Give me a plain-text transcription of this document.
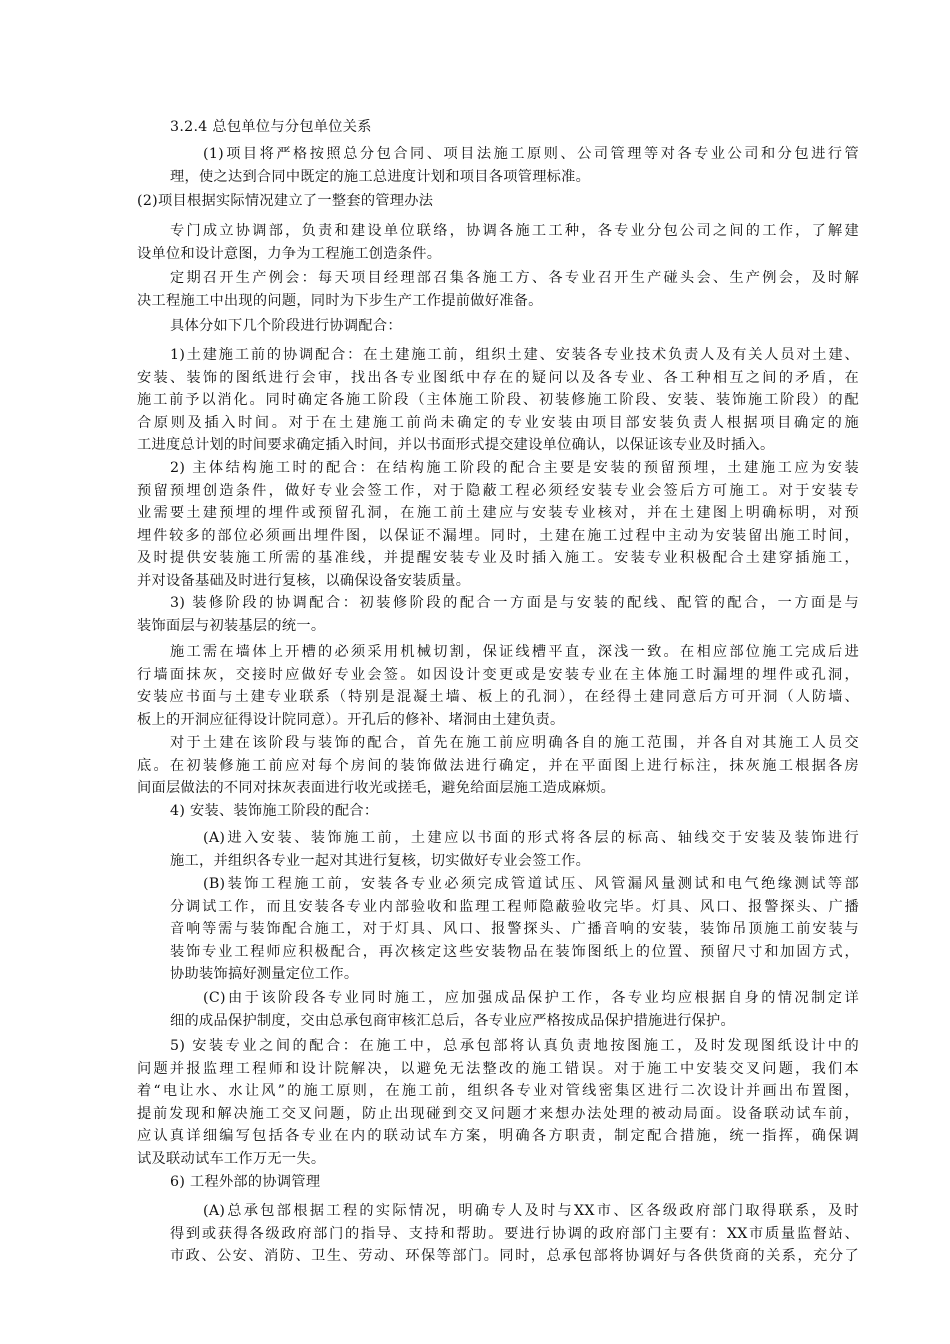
3.2.4 总包单位与分包单位关系
(1)项目将严格按照总分包合同、项目法施工原则、公司管理等对各专业公司和分包进行管
理，使之达到合同中既定的施工总进度计划和项目各项管理标准。
(2)项目根据实际情况建立了一整套的管理办法
专门成立协调部，负责和建设单位联络，协调各施工工种，各专业分包公司之间的工作，了解建
设单位和设计意图，力争为工程施工创造条件。
定期召开生产例会：每天项目经理部召集各施工方、各专业召开生产碰头会、生产例会，及时解
决工程施工中出现的问题，同时为下步生产工作提前做好准备。
具体分如下几个阶段进行协调配合：
1)土建施工前的协调配合：在土建施工前，组织土建、安装各专业技术负责人及有关人员对土建、
安装、装饰的图纸进行会审，找出各专业图纸中存在的疑问以及各专业、各工种相互之间的矛盾，在
施工前予以消化。同时确定各施工阶段（主体施工阶段、初装修施工阶段、安装、装饰施工阶段）的配
合原则及插入时间。对于在土建施工前尚未确定的专业安装由项目部安装负责人根据项目确定的施
工进度总计划的时间要求确定插入时间，并以书面形式提交建设单位确认，以保证该专业及时插入。
2) 主体结构施工时的配合：在结构施工阶段的配合主要是安装的预留预埋，土建施工应为安装
预留预埋创造条件，做好专业会签工作，对于隐蔽工程必须经安装专业会签后方可施工。对于安装专
业需要土建预埋的埋件或预留孔洞，在施工前土建应与安装专业核对，并在土建图上明确标明，对预
埋件较多的部位必须画出埋件图，以保证不漏埋。同时，土建在施工过程中主动为安装留出施工时间，
及时提供安装施工所需的基准线，并提醒安装专业及时插入施工。安装专业积极配合土建穿插施工，
并对设备基础及时进行复核，以确保设备安装质量。
3) 装修阶段的协调配合：初装修阶段的配合一方面是与安装的配线、配管的配合，一方面是与
装饰面层与初装基层的统一。
施工需在墙体上开槽的必须采用机械切割，保证线槽平直，深浅一致。在相应部位施工完成后进
行墙面抹灰，交接时应做好专业会签。如因设计变更或是安装专业在主体施工时漏埋的埋件或孔洞，
安装应书面与土建专业联系（特别是混凝土墙、板上的孔洞），在经得土建同意后方可开洞（人防墙、
板上的开洞应征得设计院同意）。开孔后的修补、堵洞由土建负责。
对于土建在该阶段与装饰的配合，首先在施工前应明确各自的施工范围，并各自对其施工人员交
底。在初装修施工前应对每个房间的装饰做法进行确定，并在平面图上进行标注，抹灰施工根据各房
间面层做法的不同对抹灰表面进行收光或搓毛，避免给面层施工造成麻烦。
4) 安装、装饰施工阶段的配合：
(A)进入安装、装饰施工前，土建应以书面的形式将各层的标高、轴线交于安装及装饰进行
施工，并组织各专业一起对其进行复核，切实做好专业会签工作。
(B)装饰工程施工前，安装各专业必须完成管道试压、风管漏风量测试和电气绝缘测试等部
分调试工作，而且安装各专业内部验收和监理工程师隐蔽验收完毕。灯具、风口、报警探头、广播
音响等需与装饰配合施工，对于灯具、风口、报警探头、广播音响的安装，装饰吊顶施工前安装与
装饰专业工程师应积极配合，再次核定这些安装物品在装饰图纸上的位置、预留尺寸和加固方式，
协助装饰搞好测量定位工作。
(C)由于该阶段各专业同时施工，应加强成品保护工作，各专业均应根据自身的情况制定详
细的成品保护制度，交由总承包商审核汇总后，各专业应严格按成品保护措施进行保护。
5) 安装专业之间的配合：在施工中，总承包部将认真负责地按图施工，及时发现图纸设计中的
问题并报监理工程师和设计院解决，以避免无法整改的施工错误。对于施工中安装交叉问题，我们本
着“电让水、水让风”的施工原则，在施工前，组织各专业对管线密集区进行二次设计并画出布置图，
提前发现和解决施工交叉问题，防止出现碰到交叉问题才来想办法处理的被动局面。设备联动试车前，
应认真详细编写包括各专业在内的联动试车方案，明确各方职责，制定配合措施，统一指挥，确保调
试及联动试车工作万无一失。
6) 工程外部的协调管理
(A)总承包部根据工程的实际情况，明确专人及时与XX市、区各级政府部门取得联系，及时
得到或获得各级政府部门的指导、支持和帮助。要进行协调的政府部门主要有：XX市质量监督站、
市政、公安、消防、卫生、劳动、环保等部门。同时，总承包部将协调好与各供货商的关系，充分了
